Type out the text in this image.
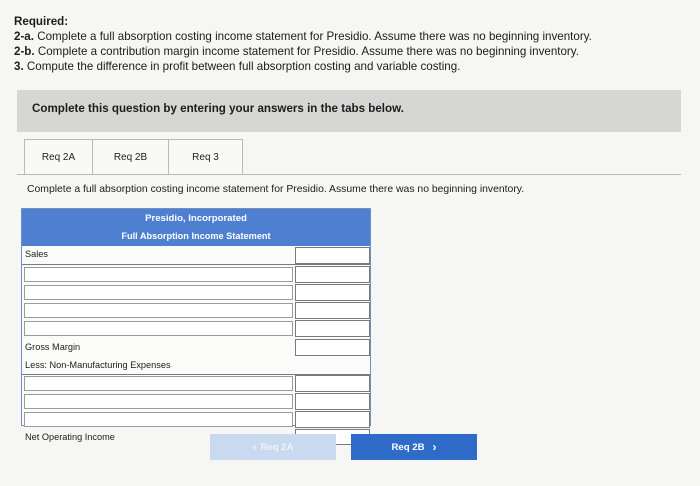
Required:
2-a. Complete a full absorption costing income statement for Presidio. Assume there was no beginning inventory.
2-b. Complete a contribution margin income statement for Presidio. Assume there was no beginning inventory.
3. Compute the difference in profit between full absorption costing and variable costing.
Complete this question by entering your answers in the tabs below.
Req 2A	Req 2B	Req 3
Complete a full absorption costing income statement for Presidio. Assume there was no beginning inventory.
Presidio, Incorporated
Full Absorption Income Statement
Sales
Gross Margin
Less: Non-Manufacturing Expenses
Net Operating Income
‹ Req 2A	Req 2B ›
